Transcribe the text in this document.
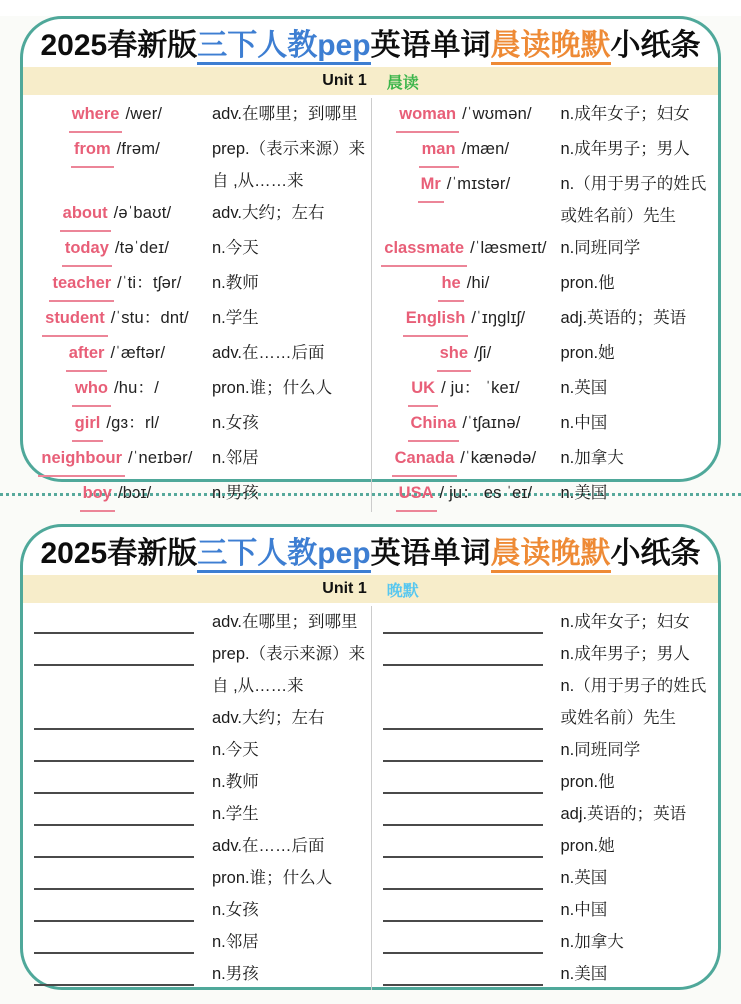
2025春新版三下人教pep英语单词晨读晚默小纸条
Unit 1 晨读
where /wer/	adv.在哪里；到哪里
from /frəm/	prep.（表示来源）来自 ,从……来
about /əˈbaʊt/ adv.大约；左右
today /təˈdeɪ/	n.今天
teacher /ˈti：tʃər/ n.教师
student /ˈstu：dnt/ n.学生
after /ˈæftər/	adv.在……后面
who /hu：/	pron.谁；什么人
girl /gɜ：rl/	n.女孩
neighbour /ˈneɪbər/ n.邻居
boy /bɔɪ/	n.男孩
woman /ˈwʊmən/ n.成年女子；妇女
man /mæn/	n.成年男子；男人
Mr /ˈmɪstər/	n.（用于男子的姓氏或姓名前）先生
classmate /ˈlæsmeɪt/ n.同班同学
he /hi/	pron.他
English /ˈɪŋglɪʃ/ adj.英语的；英语
she /ʃi/	pron.她
UK / ju： ˈkeɪ/ n.英国
China /ˈtʃaɪnə/ n.中国
Canada /ˈkænədə/ n.加拿大
USA / ju： es ˈeɪ/ n.美国
2025春新版三下人教pep英语单词晨读晚默小纸条
Unit 1 晚默
adv.在哪里；到哪里
prep.（表示来源）来自 ,从……来
adv.大约；左右
n.今天
n.教师
n.学生
adv.在……后面
pron.谁；什么人
n.女孩
n.邻居
n.男孩
n.成年女子；妇女
n.成年男子；男人
n.（用于男子的姓氏或姓名前）先生
n.同班同学
pron.他
adj.英语的；英语
pron.她
n.英国
n.中国
n.加拿大
n.美国
